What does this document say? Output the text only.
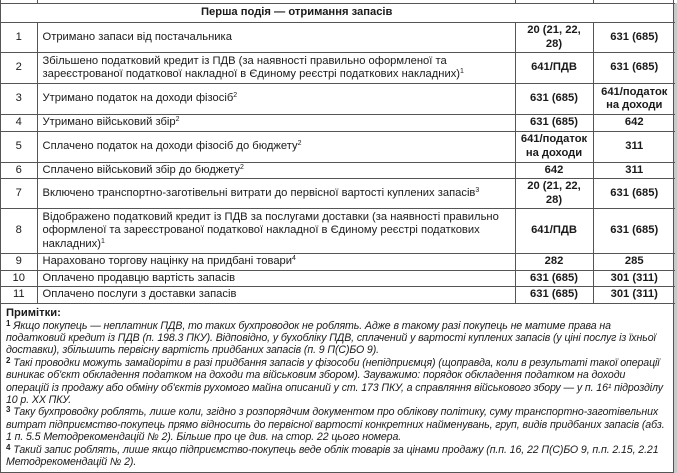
Перша подія — отримання запасів			
1	Отримано запаси від постачальника	20 (21, 22, 28)	631 (685)
2	Збільшено податковий кредит із ПДВ (за наявності правильно оформленої та зареєстрованої податкової накладної в Єдиному реєстрі податкових накладних)$^1$	641/ПДВ	631 (685)
3	Утримано податок на доходи фізосіб$^2$	631 (685)	641/податок на доходи
4	Утримано військовий збір$^2$	631 (685)	642
5	Сплачено податок на доходи фізосіб до бюджету$^2$	641/податок на доходи	311
6	Сплачено військовий збір до бюджету$^2$	642	311
7	Включено транспортно-заготівельні витрати до первісної вартості куплених запасів$^3$	20 (21, 22, 28)	631 (685)
8	Відображено податковий кредит із ПДВ за послугами доставки (за наявності правильно оформленої та зареєстрованої податкової накладної в Єдиному реєстрі податкових накладних)$^1$	641/ПДВ	631 (685)
9	Нараховано торгову націнку на придбані товари$^4$	282	285
10	Оплачено продавцю вартість запасів	631 (685)	301 (311)
11	Оплачено послуги з доставки запасів	631 (685)	301 (311)
Примітки:
$^1$ Якщо покупець — неплатник ПДВ, то таких бухпроводок не роблять. Адже в такому разі покупець не матиме права на податковий кредит із ПДВ (п. 198.3 ПКУ). Відповідно, у бухобліку ПДВ, сплачений у вартості куплених запасів (у ціні послуг із їхньої доставки), збільшить первісну вартість придбаних запасів (п. 9 П(С)БО 9).
$^2$ Такі проводки можуть замайоріти в разі придбання запасів у фізособи (непідприємця) (щоправда, коли в результаті такої операції виникає об'єкт обкладення податком на доходи та військовим збором). Зауважимо: порядок обкладення податком на доходи операцій із продажу або обміну об'єктів рухомого майна описаний у ст. 173 ПКУ, а справляння військового збору — у п. 16¹ підрозділу 10 р. ХХ ПКУ.
$^3$ Таку бухпроводку роблять, лише коли, згідно з розпорядчим документом про облікову політику, суму транспортно-заготівельних витрат підприємство-покупець прямо відносить до первісної вартості конкретних найменувань, груп, видів придбаних запасів (абз. 1 п. 5.5 Методрекомендацій № 2). Більше про це див. на стор. 22 цього номера.
$^4$ Такий запис роблять, лише якщо підприємство-покупець веде облік товарів за цінами продажу (п.п. 16, 22 П(С)БО 9, п.п. 2.15, 2.21 Методрекомендацій № 2).
